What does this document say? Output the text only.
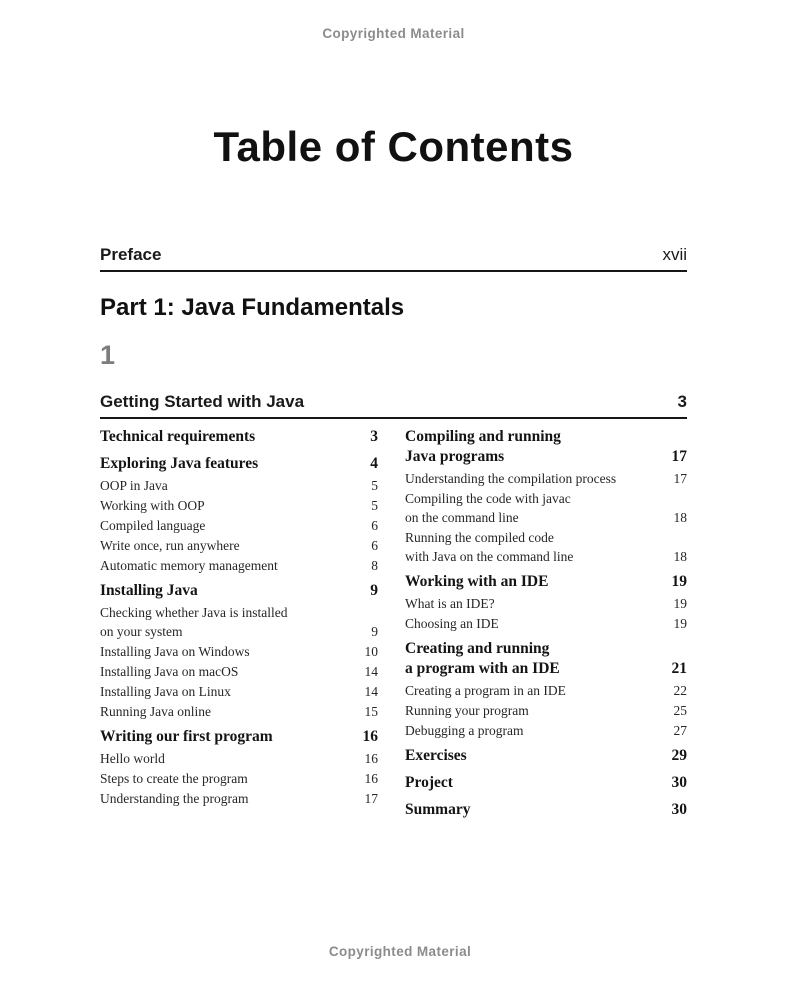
Copyrighted Material
Table of Contents
Preface	xvii
Part 1: Java Fundamentals
1
Getting Started with Java	3
Technical requirements	3
Exploring Java features	4
OOP in Java	5
Working with OOP	5
Compiled language	6
Write once, run anywhere	6
Automatic memory management	8
Installing Java	9
Checking whether Java is installed
on your system	9
Installing Java on Windows	10
Installing Java on macOS	14
Installing Java on Linux	14
Running Java online	15
Writing our first program	16
Hello world	16
Steps to create the program	16
Understanding the program	17
Compiling and running
Java programs	17
Understanding the compilation process	17
Compiling the code with javac
on the command line	18
Running the compiled code
with Java on the command line	18
Working with an IDE	19
What is an IDE?	19
Choosing an IDE	19
Creating and running
a program with an IDE	21
Creating a program in an IDE	22
Running your program	25
Debugging a program	27
Exercises	29
Project	30
Summary	30
Copyrighted Material
